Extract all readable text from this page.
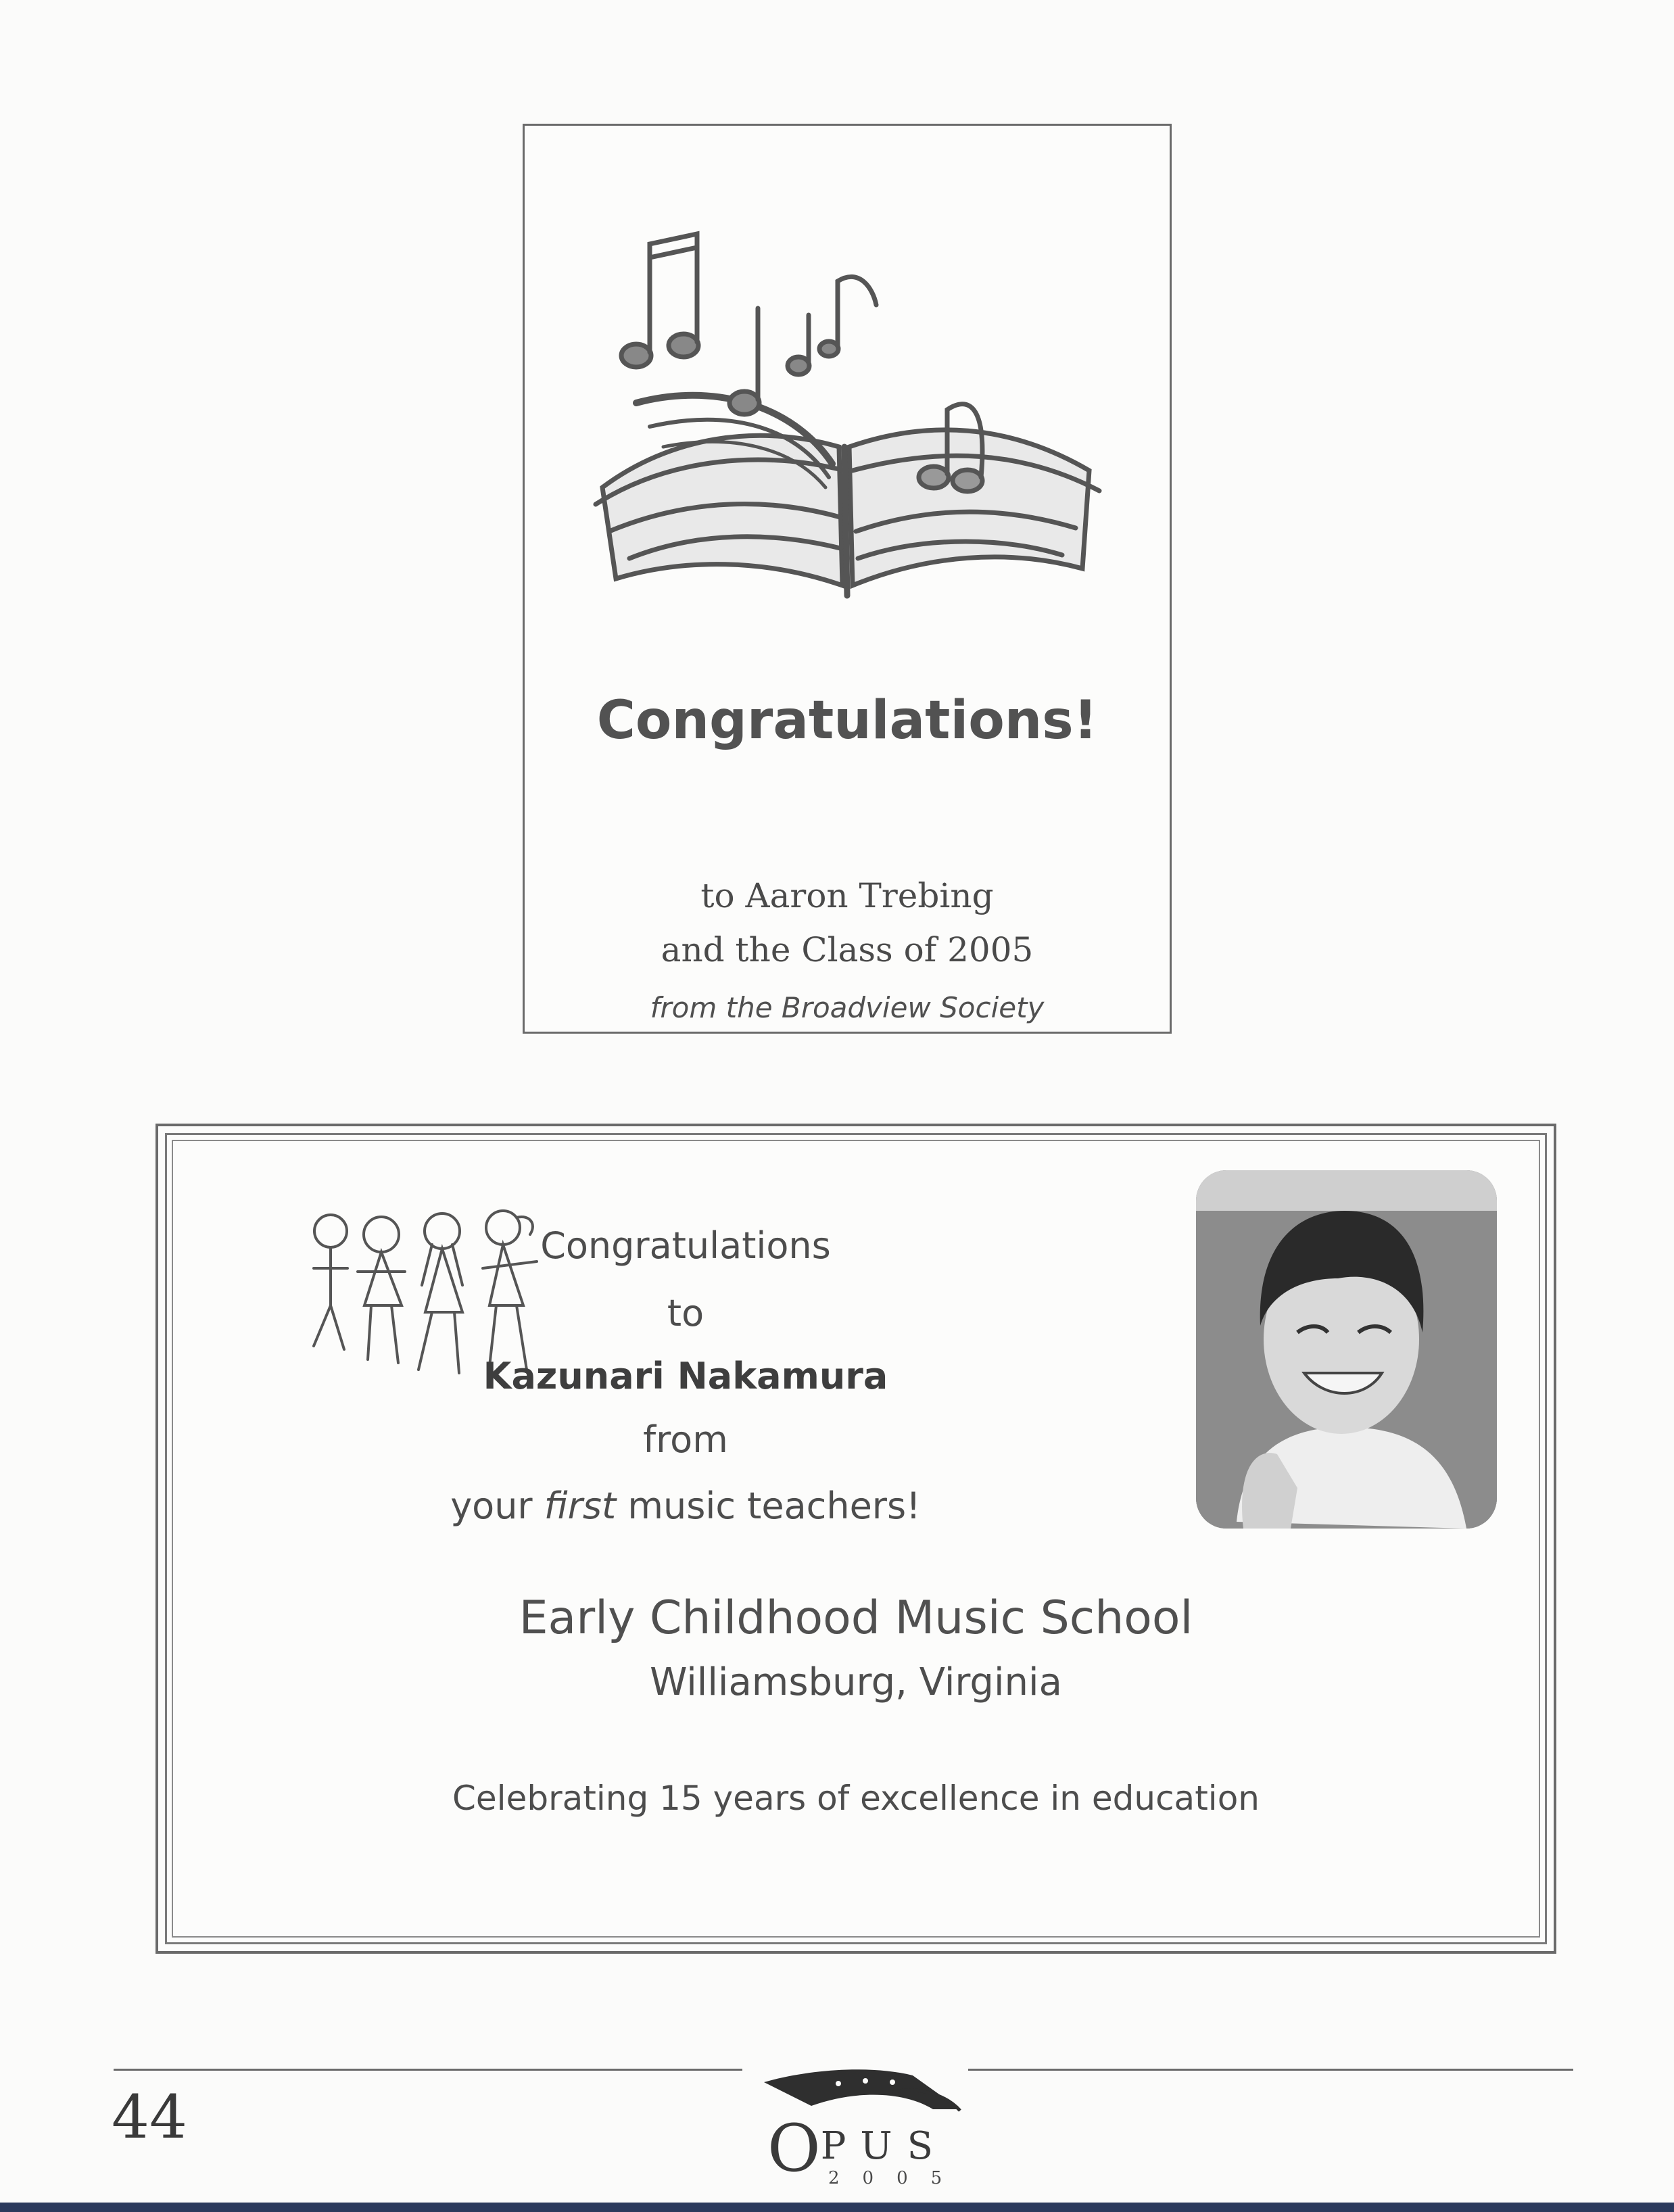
Congratulations!
to Aaron Trebing
and the Class of 2005
from the Broadview Society
Congratulations
to
Kazunari Nakamura
from
your first music teachers!
Early Childhood Music School
Williamsburg, Virginia
Celebrating 15 years of excellence in education
44	OPUS
2005
